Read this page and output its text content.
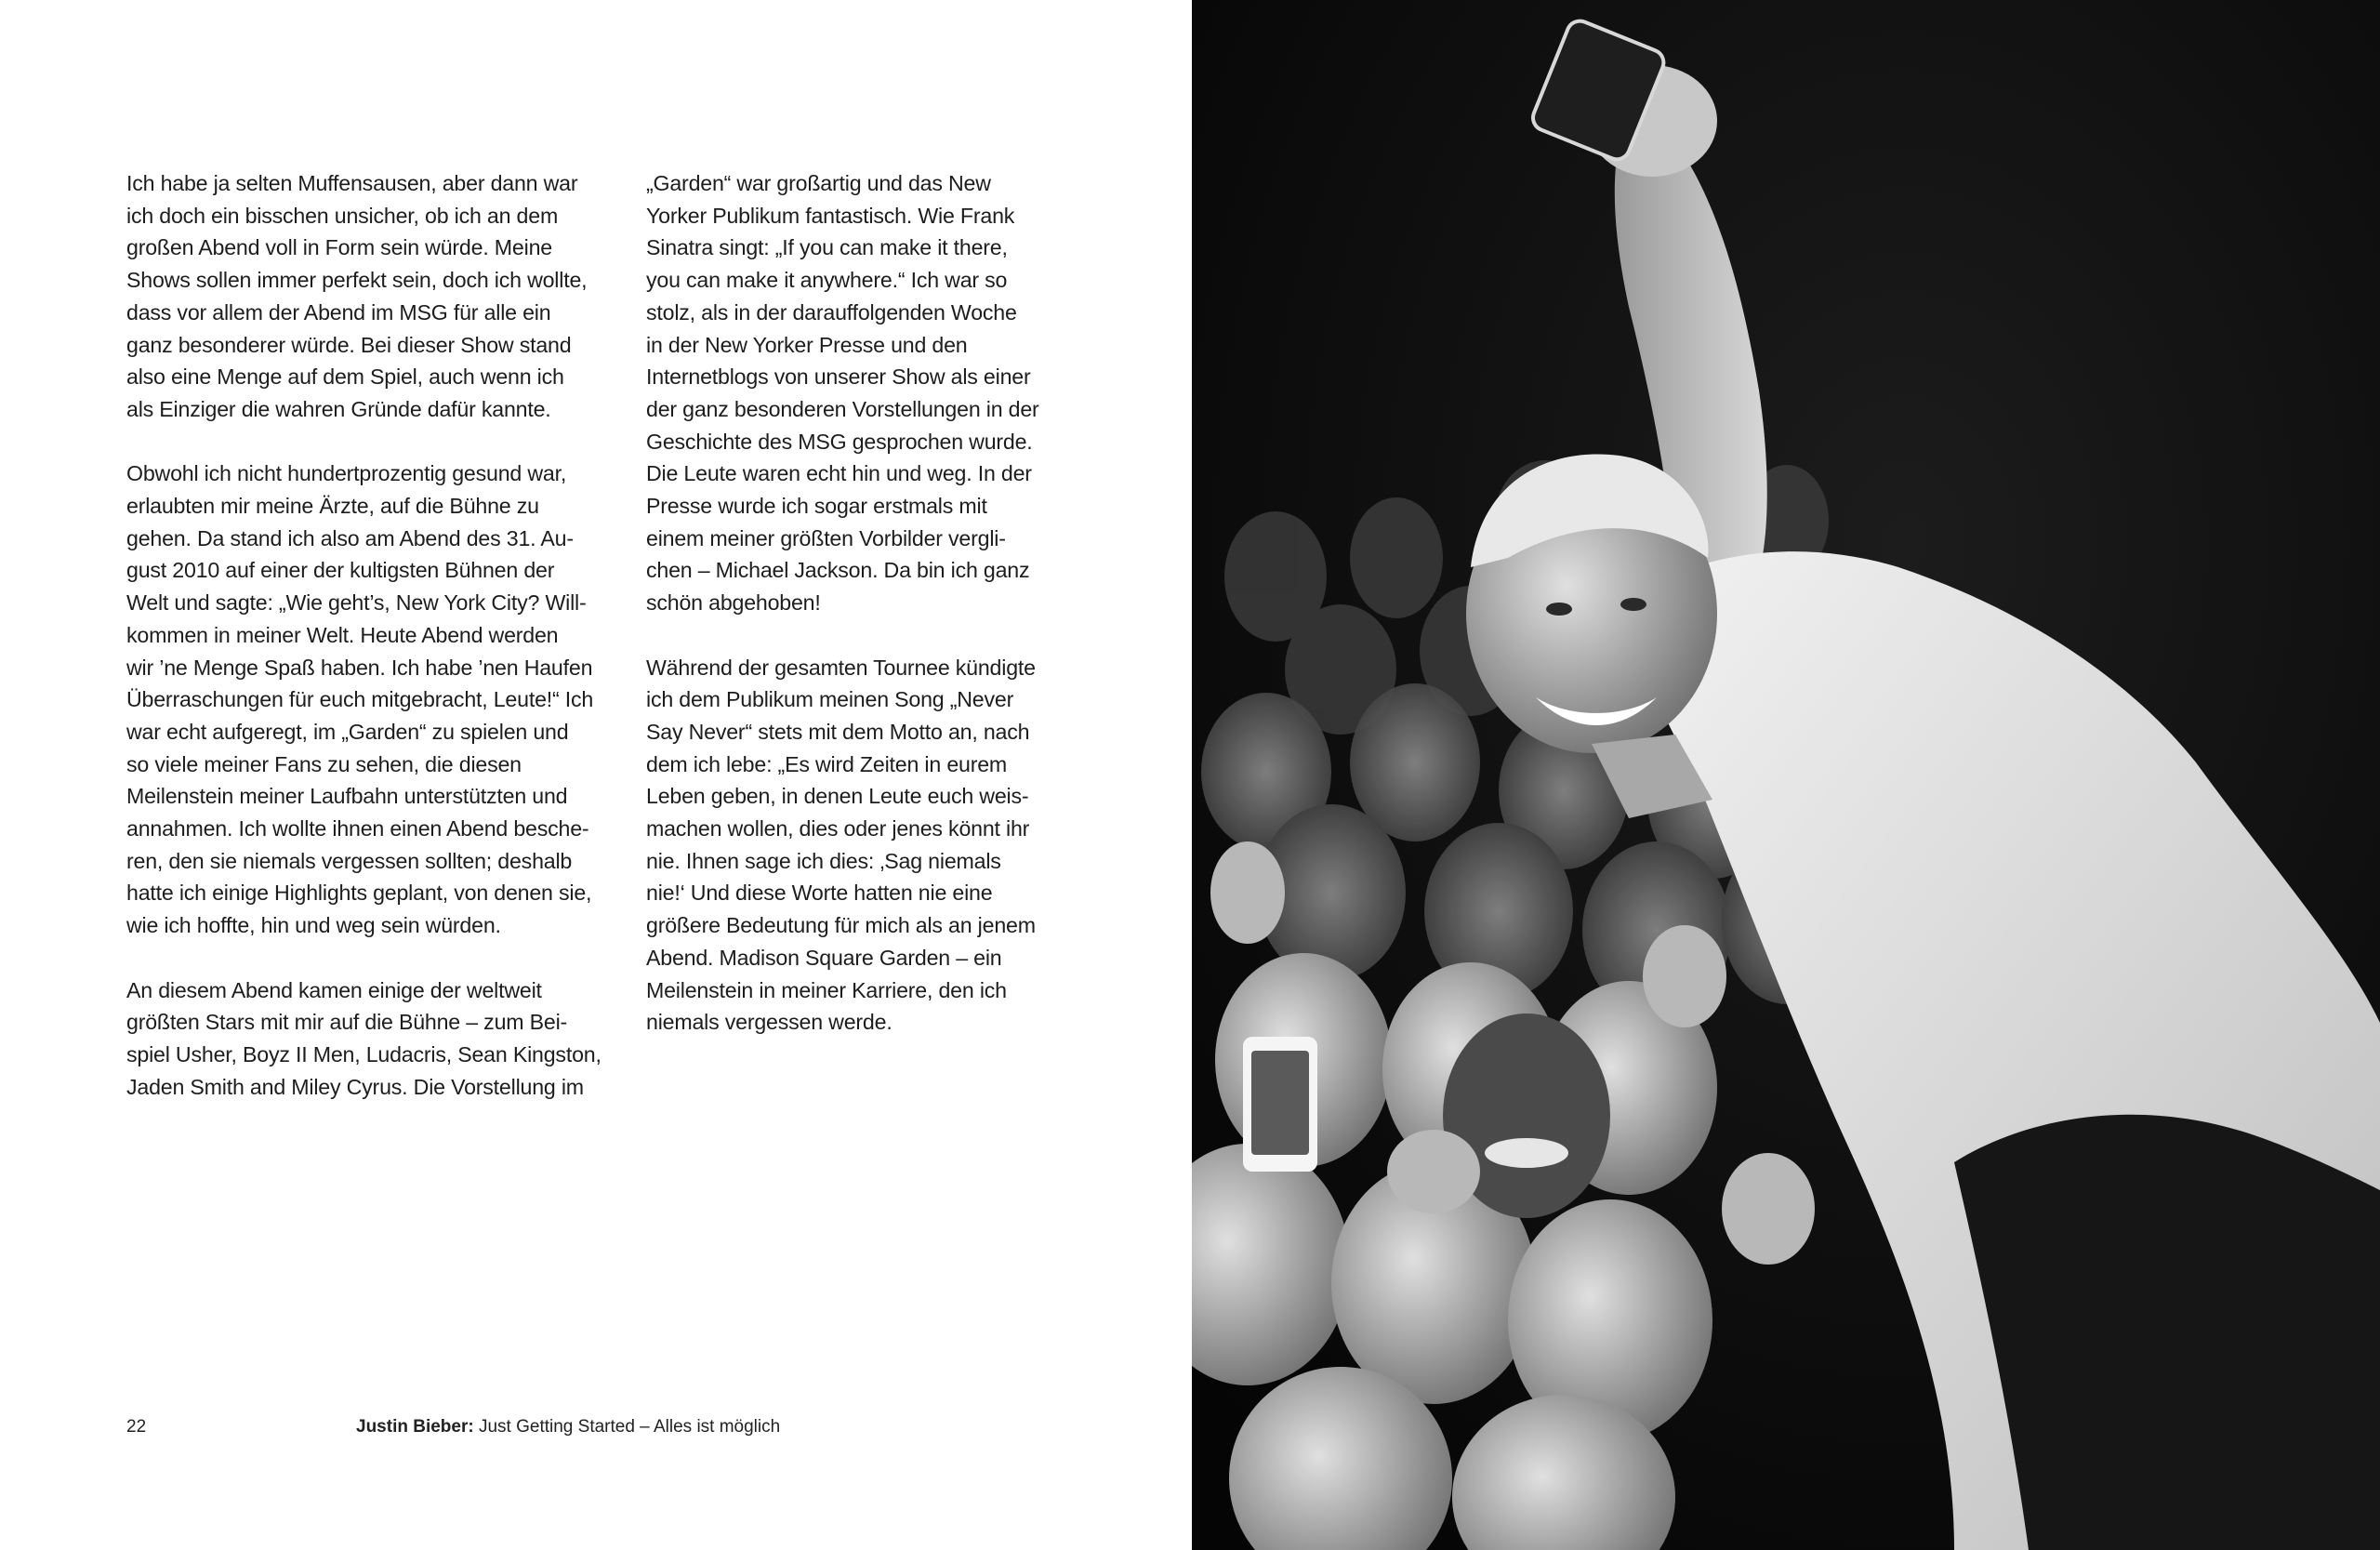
Ich habe ja selten Muffensausen, aber dann war
ich doch ein bisschen unsicher, ob ich an dem
großen Abend voll in Form sein würde. Meine
Shows sollen immer perfekt sein, doch ich wollte,
dass vor allem der Abend im MSG für alle ein
ganz besonderer würde. Bei dieser Show stand
also eine Menge auf dem Spiel, auch wenn ich
als Einziger die wahren Gründe dafür kannte.

Obwohl ich nicht hundertprozentig gesund war,
erlaubten mir meine Ärzte, auf die Bühne zu
gehen. Da stand ich also am Abend des 31. Au-
gust 2010 auf einer der kultigsten Bühnen der
Welt und sagte: „Wie geht’s, New York City? Will-
kommen in meiner Welt. Heute Abend werden
wir ’ne Menge Spaß haben. Ich habe ’nen Haufen
Überraschungen für euch mitgebracht, Leute!“ Ich
war echt aufgeregt, im „Garden“ zu spielen und
so viele meiner Fans zu sehen, die diesen
Meilenstein meiner Laufbahn unterstützten und
annahmen. Ich wollte ihnen einen Abend beschе-
ren, den sie niemals vergessen sollten; deshalb
hatte ich einige Highlights geplant, von denen sie,
wie ich hoffte, hin und weg sein würden.

An diesem Abend kamen einige der weltweit
größten Stars mit mir auf die Bühne – zum Bei-
spiel Usher, Boyz II Men, Ludacris, Sean Kingston,
Jaden Smith and Miley Cyrus. Die Vorstellung im

„Garden“ war großartig und das New
Yorker Publikum fantastisch. Wie Frank
Sinatra singt: „If you can make it there,
you can make it anywhere.“ Ich war so
stolz, als in der darauffolgenden Woche
in der New Yorker Presse und den
Internetblogs von unserer Show als einer
der ganz besonderen Vorstellungen in der
Geschichte des MSG gesprochen wurde.
Die Leute waren echt hin und weg. In der
Presse wurde ich sogar erstmals mit
einem meiner größten Vorbilder vergli-
chen – Michael Jackson. Da bin ich ganz
schön abgehoben!

Während der gesamten Tournee kündigte
ich dem Publikum meinen Song „Never
Say Never“ stets mit dem Motto an, nach
dem ich lebe: „Es wird Zeiten in eurem
Leben geben, in denen Leute euch weis-
machen wollen, dies oder jenes könnt ihr
nie. Ihnen sage ich dies: ‚Sag niemals
nie!‘ Und diese Worte hatten nie eine
größere Bedeutung für mich als an jenem
Abend. Madison Square Garden – ein
Meilenstein in meiner Karriere, den ich
niemals vergessen werde.

22	Justin Bieber: Just Getting Started – Alles ist möglich
